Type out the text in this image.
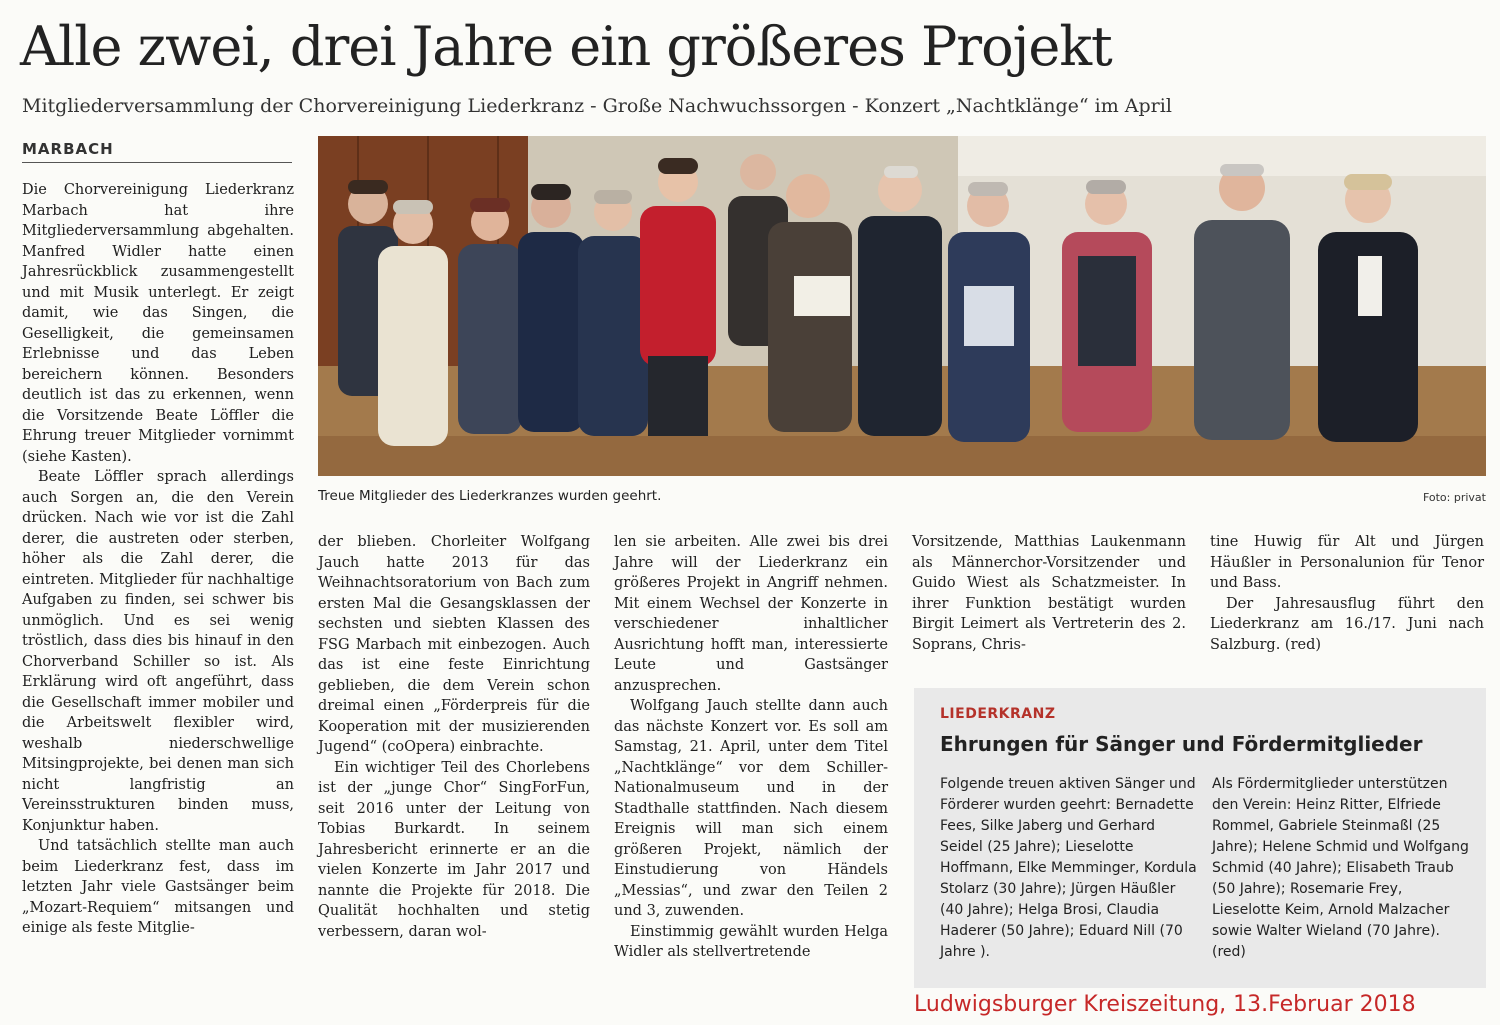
Alle zwei, drei Jahre ein größeres Projekt
Mitgliederversammlung der Chorvereinigung Liederkranz - Große Nachwuchssorgen - Konzert „Nachtklänge“ im April
MARBACH

Die Chorvereinigung Liederkranz Marbach hat ihre Mitgliederversammlung abgehalten. Manfred Widler hatte einen Jahresrückblick zusammengestellt und mit Musik unterlegt. Er zeigt damit, wie das Singen, die Geselligkeit, die gemeinsamen Erlebnisse und das Leben bereichern können. Besonders deutlich ist das zu erkennen, wenn die Vorsitzende Beate Löffler die Ehrung treuer Mitglieder vornimmt (siehe Kasten).

Beate Löffler sprach allerdings auch Sorgen an, die den Verein drücken. Nach wie vor ist die Zahl derer, die austreten oder sterben, höher als die Zahl derer, die eintreten. Mitglieder für nachhaltige Aufgaben zu finden, sei schwer bis unmöglich. Und es sei wenig tröstlich, dass dies bis hinauf in den Chorverband Schiller so ist. Als Erklärung wird oft angeführt, dass die Gesellschaft immer mobiler und die Arbeitswelt flexibler wird, weshalb niederschwellige Mitsingprojekte, bei denen man sich nicht langfristig an Vereinsstrukturen binden muss, Konjunktur haben.

Und tatsächlich stellte man auch beim Liederkranz fest, dass im letzten Jahr viele Gastsänger beim „Mozart-Requiem“ mitsangen und einige als feste Mitglie-

Treue Mitglieder des Liederkranzes wurden geehrt.	Foto: privat

der blieben. Chorleiter Wolfgang Jauch hatte 2013 für das Weihnachtsoratorium von Bach zum ersten Mal die Gesangsklassen der sechsten und siebten Klassen des FSG Marbach mit einbezogen. Auch das ist eine feste Einrichtung geblieben, die dem Verein schon dreimal einen „Förderpreis für die Kooperation mit der musizierenden Jugend“ (coOpera) einbrachte.

Ein wichtiger Teil des Chorlebens ist der „junge Chor“ SingForFun, seit 2016 unter der Leitung von Tobias Burkardt. In seinem Jahresbericht erinnerte er an die vielen Konzerte im Jahr 2017 und nannte die Projekte für 2018. Die Qualität hochhalten und stetig verbessern, daran wol-

len sie arbeiten. Alle zwei bis drei Jahre will der Liederkranz ein größeres Projekt in Angriff nehmen. Mit einem Wechsel der Konzerte in verschiedener inhaltlicher Ausrichtung hofft man, interessierte Leute und Gastsänger anzusprechen.

Wolfgang Jauch stellte dann auch das nächste Konzert vor. Es soll am Samstag, 21. April, unter dem Titel „Nachtklänge“ vor dem Schiller-Nationalmuseum und in der Stadthalle stattfinden. Nach diesem Ereignis will man sich einem größeren Projekt, nämlich der Einstudierung von Händels „Messias“, und zwar den Teilen 2 und 3, zuwenden.

Einstimmig gewählt wurden Helga Widler als stellvertretende

Vorsitzende, Matthias Laukenmann als Männerchor-Vorsitzender und Guido Wiest als Schatzmeister. In ihrer Funktion bestätigt wurden Birgit Leimert als Vertreterin des 2. Soprans, Chris-

tine Huwig für Alt und Jürgen Häußler in Personalunion für Tenor und Bass.

Der Jahresausflug führt den Liederkranz am 16./17. Juni nach Salzburg. (red)

LIEDERKRANZ
Ehrungen für Sänger und Fördermitglieder

Folgende treuen aktiven Sänger und Förderer wurden geehrt: Bernadette Fees, Silke Jaberg und Gerhard Seidel (25 Jahre); Lieselotte Hoffmann, Elke Memminger, Kordula Stolarz (30 Jahre); Jürgen Häußler (40 Jahre); Helga Brosi, Claudia Haderer (50 Jahre); Eduard Nill (70 Jahre ).

Als Fördermitglieder unterstützen den Verein: Heinz Ritter, Elfriede Rommel, Gabriele Steinmaßl (25 Jahre); Helene Schmid und Wolfgang Schmid (40 Jahre); Elisabeth Traub (50 Jahre); Rosemarie Frey, Lieselotte Keim, Arnold Malzacher sowie Walter Wieland (70 Jahre). (red)

Ludwigsburger Kreiszeitung, 13.Februar 2018
